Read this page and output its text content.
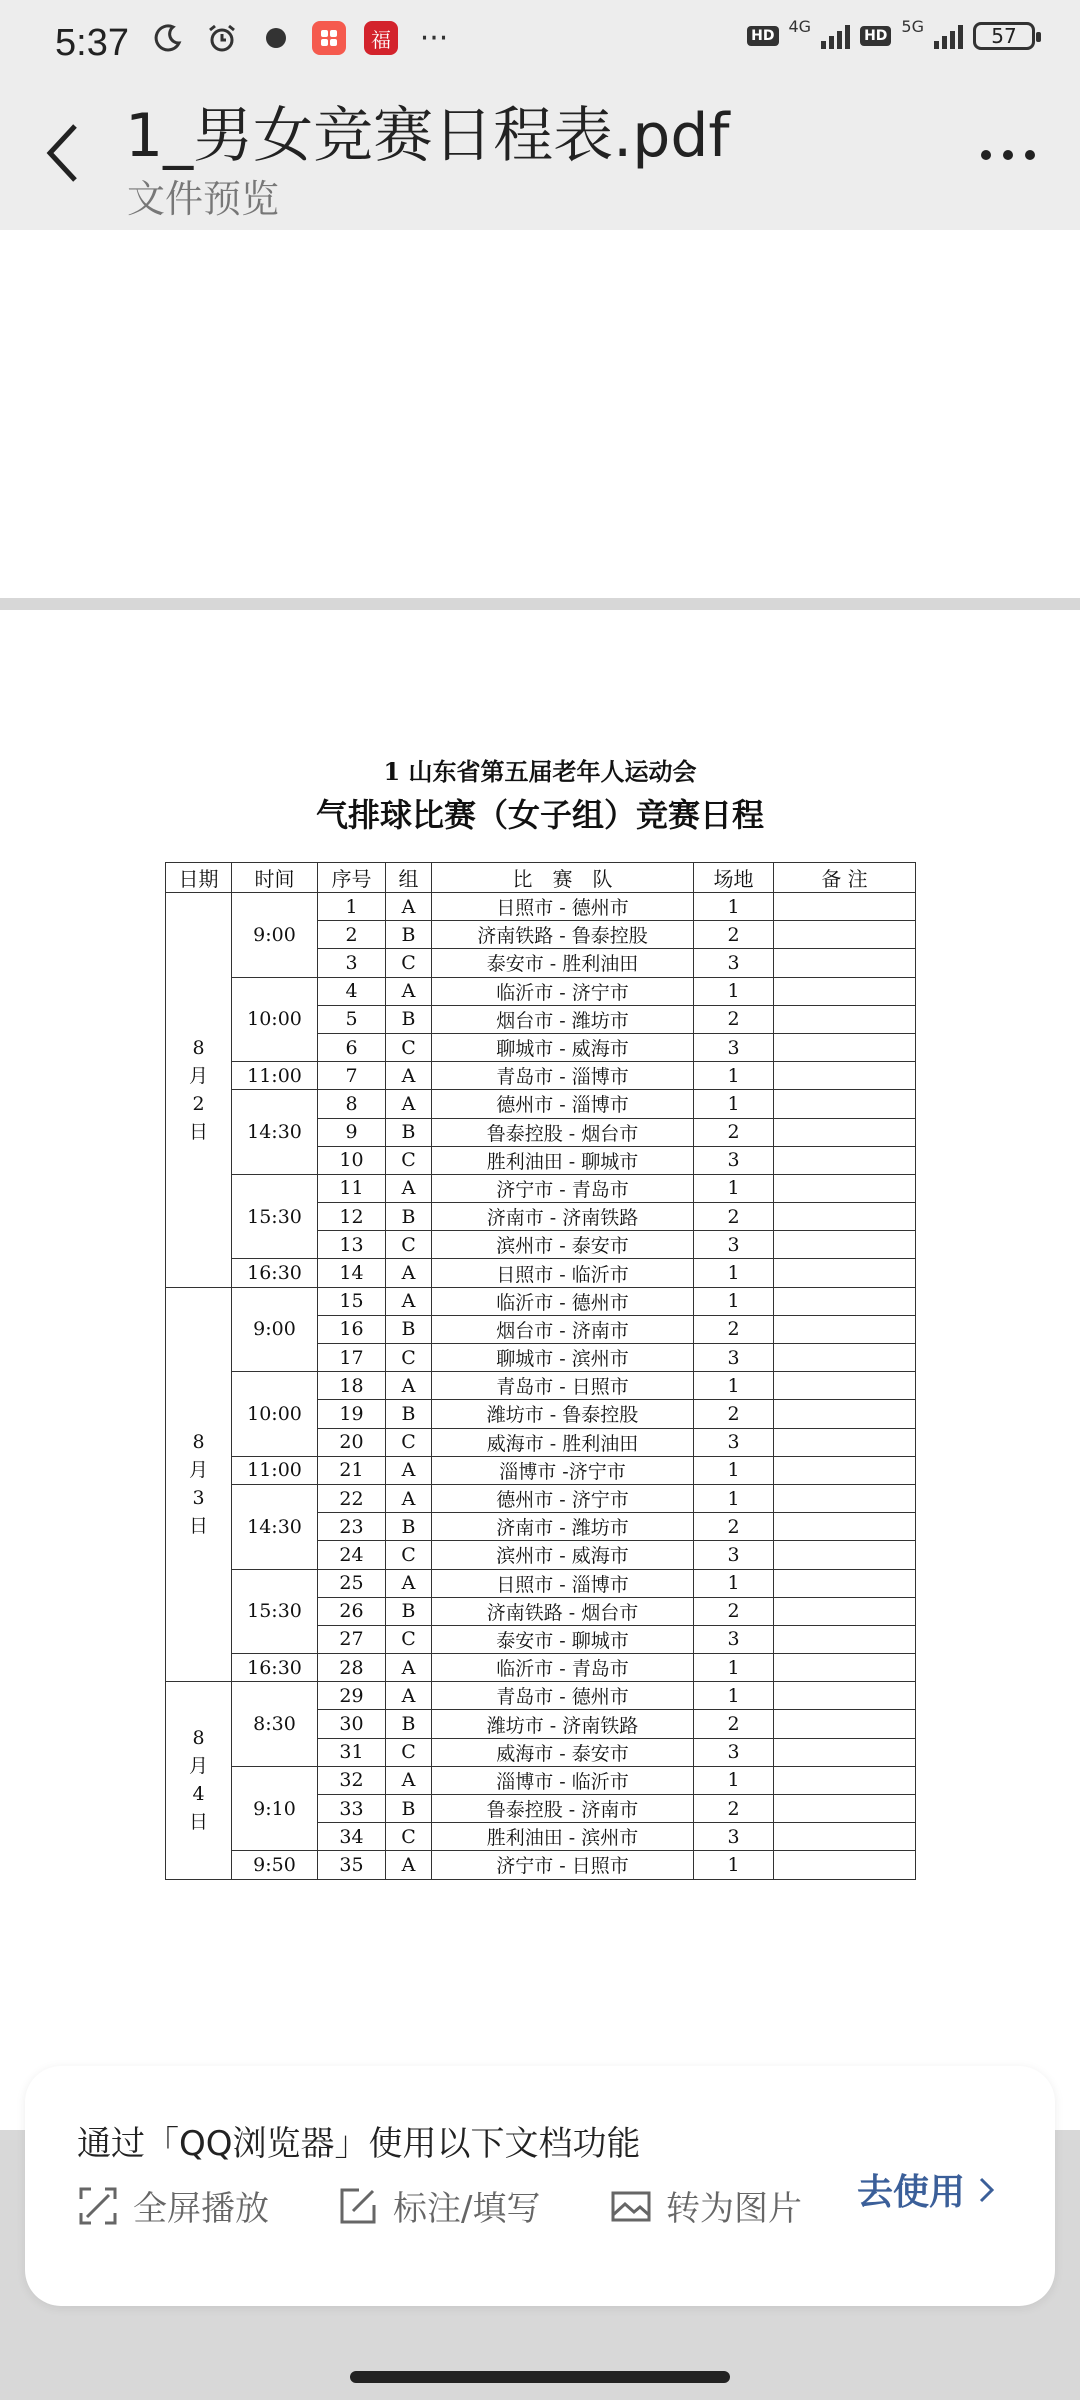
5:37	福 ···	HD
4G
HD
5G	57
1_男女竞赛日程表.pdf
文件预览
1 山东省第五届老年人运动会
气排球比赛（女子组）竞赛日程
日期	时间	序号	组	比　赛　队	场地	备 注
8
月
2
日	9:00	1	A	日照市 - 德州市	1	
		2	B	济南铁路 - 鲁泰控股	2	
		3	C	泰安市 - 胜利油田	3	
	10:00	4	A	临沂市 - 济宁市	1	
		5	B	烟台市 - 潍坊市	2	
		6	C	聊城市 - 威海市	3	
	11:00	7	A	青岛市 - 淄博市	1	
	14:30	8	A	德州市 - 淄博市	1	
		9	B	鲁泰控股 - 烟台市	2	
		10	C	胜利油田 - 聊城市	3	
	15:30	11	A	济宁市 - 青岛市	1	
		12	B	济南市 - 济南铁路	2	
		13	C	滨州市 - 泰安市	3	
	16:30	14	A	日照市 - 临沂市	1	
8
月
3
日	9:00	15	A	临沂市 - 德州市	1	
		16	B	烟台市 - 济南市	2	
		17	C	聊城市 - 滨州市	3	
	10:00	18	A	青岛市 - 日照市	1	
		19	B	潍坊市 - 鲁泰控股	2	
		20	C	威海市 - 胜利油田	3	
	11:00	21	A	淄博市 -济宁市	1	
	14:30	22	A	德州市 - 济宁市	1	
		23	B	济南市 - 潍坊市	2	
		24	C	滨州市 - 威海市	3	
	15:30	25	A	日照市 - 淄博市	1	
		26	B	济南铁路 - 烟台市	2	
		27	C	泰安市 - 聊城市	3	
	16:30	28	A	临沂市 - 青岛市	1	
8
月
4
日	8:30	29	A	青岛市 - 德州市	1	
		30	B	潍坊市 - 济南铁路	2	
		31	C	威海市 - 泰安市	3	
	9:10	32	A	淄博市 - 临沂市	1	
		33	B	鲁泰控股 - 济南市	2	
		34	C	胜利油田 - 滨州市	3	
	9:50	35	A	济宁市 - 日照市	1	
通过「QQ浏览器」使用以下文档功能
全屏播放	标注/填写	转为图片 去使用
